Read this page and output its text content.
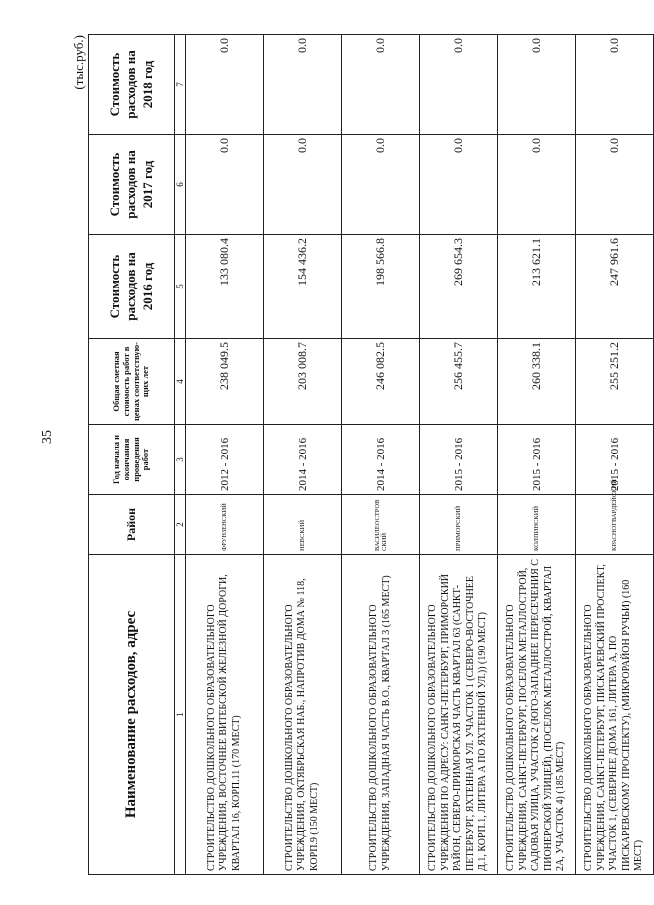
35
(тыс.руб.)
Наименование расходов, адрес	Район	Год начала и окончания проведения работ	Общая сметная стоимость работ в ценах соответствую-щих лет	Стоимость расходов на 2016 год	Стоимость расходов на 2017 год	Стоимость расходов на 2018 год
1	2	3	4	5	6	7
СТРОИТЕЛЬСТВО ДОШКОЛЬНОГО ОБРАЗОВАТЕЛЬНОГО УЧРЕЖДЕНИЯ, ВОСТОЧНЕЕ ВИТЕБСКОЙ ЖЕЛЕЗНОЙ ДОРОГИ, КВАРТАЛ 16, КОРП.11 (170 МЕСТ)	ФРУНЗЕНСКИЙ	2012 - 2016	238 049.5	133 080.4	0.0	0.0
СТРОИТЕЛЬСТВО ДОШКОЛЬНОГО ОБРАЗОВАТЕЛЬНОГО УЧРЕЖДЕНИЯ, ОКТЯБРЬСКАЯ НАБ., НАПРОТИВ ДОМА № 118, КОРП.9 (150 МЕСТ)	НЕВСКИЙ	2014 - 2016	203 008.7	154 436.2	0.0	0.0
СТРОИТЕЛЬСТВО ДОШКОЛЬНОГО ОБРАЗОВАТЕЛЬНОГО УЧРЕЖДЕНИЯ, ЗАПАДНАЯ ЧАСТЬ В.О., КВАРТАЛ 3 (165 МЕСТ)	ВАСИЛЕОСТРОВ СКИЙ	2014 - 2016	246 082.5	198 566.8	0.0	0.0
СТРОИТЕЛЬСТВО ДОШКОЛЬНОГО ОБРАЗОВАТЕЛЬНОГО УЧРЕЖДЕНИЯ ПО АДРЕСУ: САНКТ-ПЕТЕРБУРГ, ПРИМОРСКИЙ РАЙОН, СЕВЕРО-ПРИМОРСКАЯ ЧАСТЬ КВАРТАЛ 63 (САНКТ-ПЕТЕРБУРГ, ЯХТЕННАЯ УЛ. УЧАСТОК 1 (СЕВЕРО-ВОСТОЧНЕЕ Д.1, КОРП.1, ЛИТЕРА А ПО ЯХТЕННОЙ УЛ.)) (190 МЕСТ)	ПРИМОРСКИЙ	2015 - 2016	256 455.7	269 654.3	0.0	0.0
СТРОИТЕЛЬСТВО ДОШКОЛЬНОГО ОБРАЗОВАТЕЛЬНОГО УЧРЕЖДЕНИЯ, САНКТ-ПЕТЕРБУРГ, ПОСЕЛОК МЕТАЛЛОСТРОЙ, САДОВАЯ УЛИЦА, УЧАСТОК 2 (ЮГО-ЗАПАДНЕЕ ПЕРЕСЕЧЕНИЯ С ПИОНЕРСКОЙ УЛИЦЕЙ), (ПОСЕЛОК МЕТАЛЛОСТРОЙ, КВАРТАЛ 2А, УЧАСТОК 4) (185 МЕСТ)	КОЛПИНСКИЙ	2015 - 2016	260 338.1	213 621.1	0.0	0.0
СТРОИТЕЛЬСТВО ДОШКОЛЬНОГО ОБРАЗОВАТЕЛЬНОГО УЧРЕЖДЕНИЯ, САНКТ-ПЕТЕРБУРГ, ПИСКАРЕВСКИЙ ПРОСПЕКТ, УЧАСТОК 1, (СЕВЕРНЕЕ ДОМА 161, ЛИТЕРА А, ПО ПИСКАРЕВСКОМУ ПРОСПЕКТУ), (МИКРОРАЙОН РУЧЬИ) (160 МЕСТ)	КРАСНОГВАРДЕЙСКИЙ	2015 - 2016	255 251.2	247 961.6	0.0	0.0
